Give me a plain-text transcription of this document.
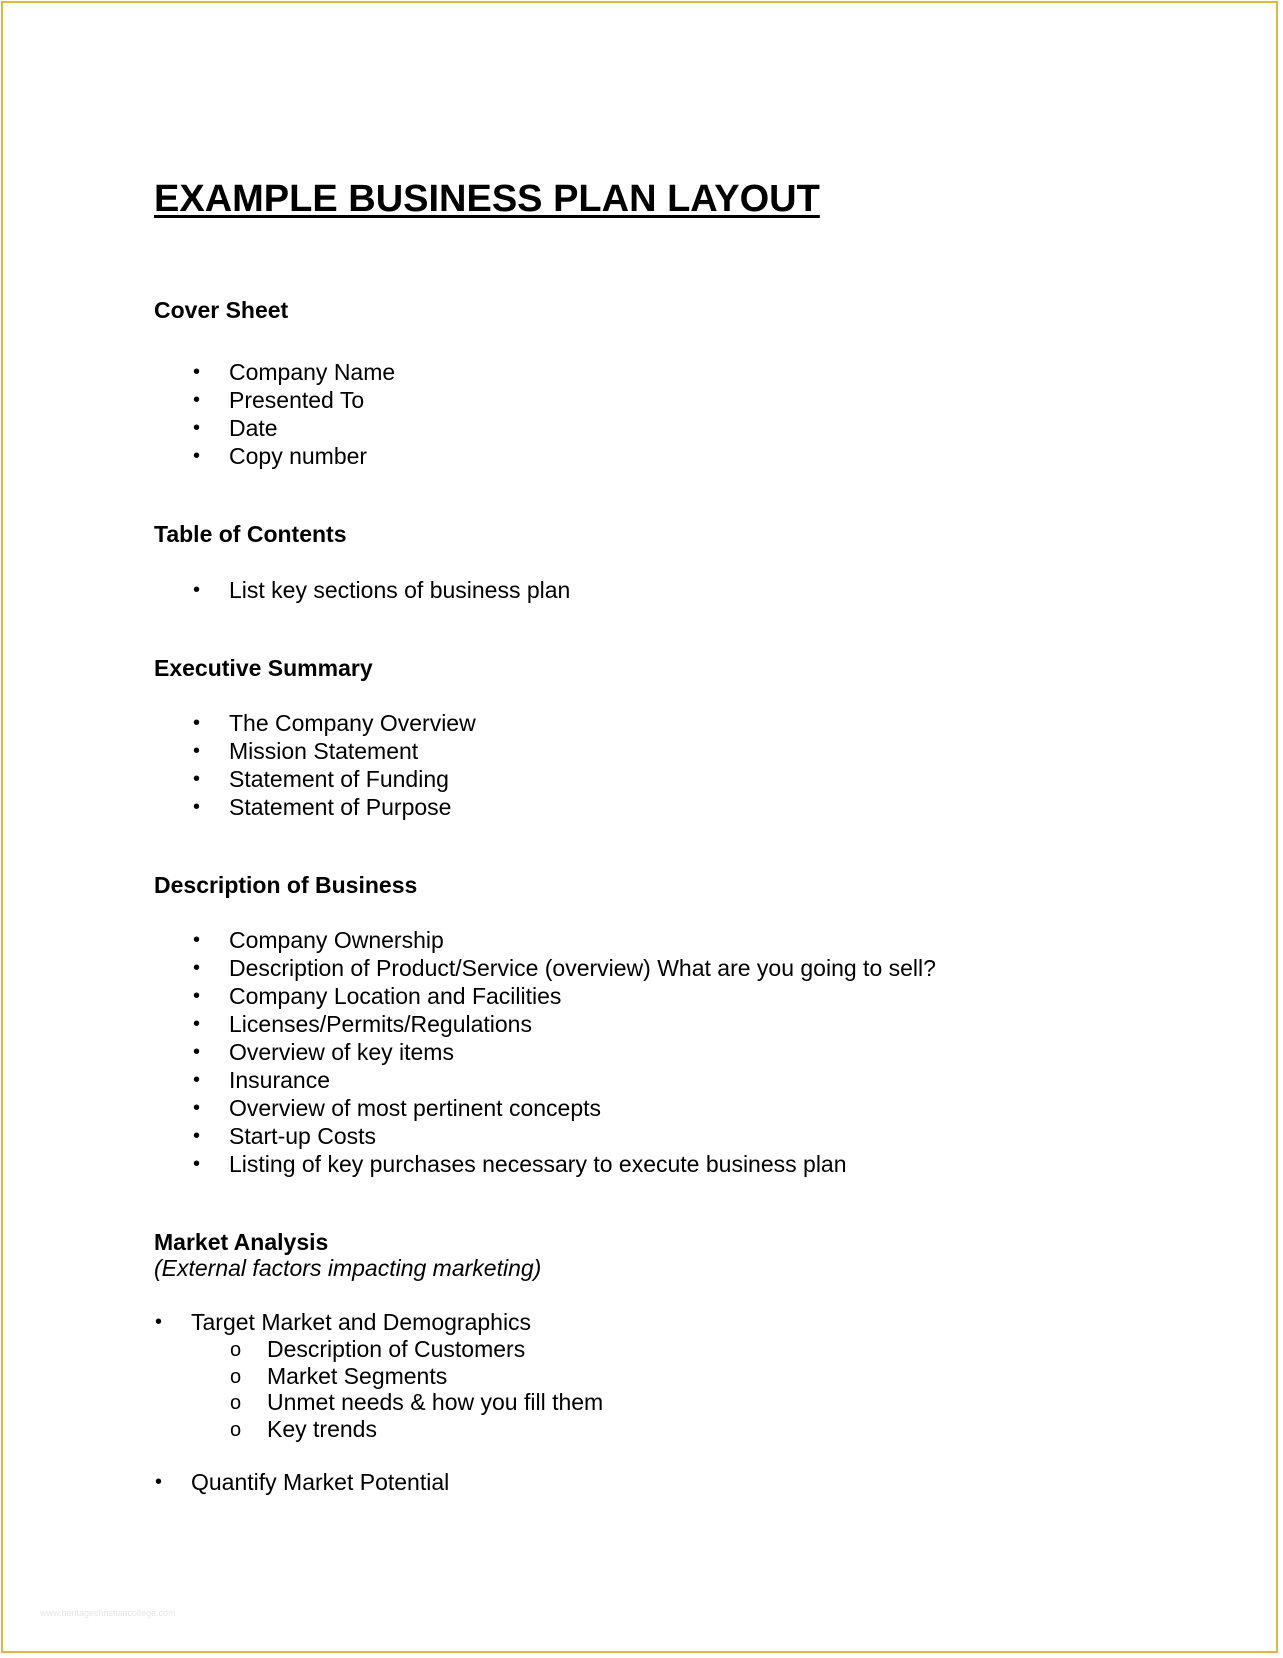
EXAMPLE BUSINESS PLAN LAYOUT
Cover Sheet
• Company Name
• Presented To
• Date
• Copy number
Table of Contents
• List key sections of business plan
Executive Summary
• The Company Overview
• Mission Statement
• Statement of Funding
• Statement of Purpose
Description of Business
• Company Ownership
• Description of Product/Service (overview) What are you going to sell?
• Company Location and Facilities
• Licenses/Permits/Regulations
• Overview of key items
• Insurance
• Overview of most pertinent concepts
• Start-up Costs
• Listing of key purchases necessary to execute business plan
Market Analysis

(External factors impacting marketing)

• Target Market and Demographics
o Description of Customers
o Market Segments
o Unmet needs & how you fill them
o Key trends
• Quantify Market Potential
www.heritagechristiancollege.com
